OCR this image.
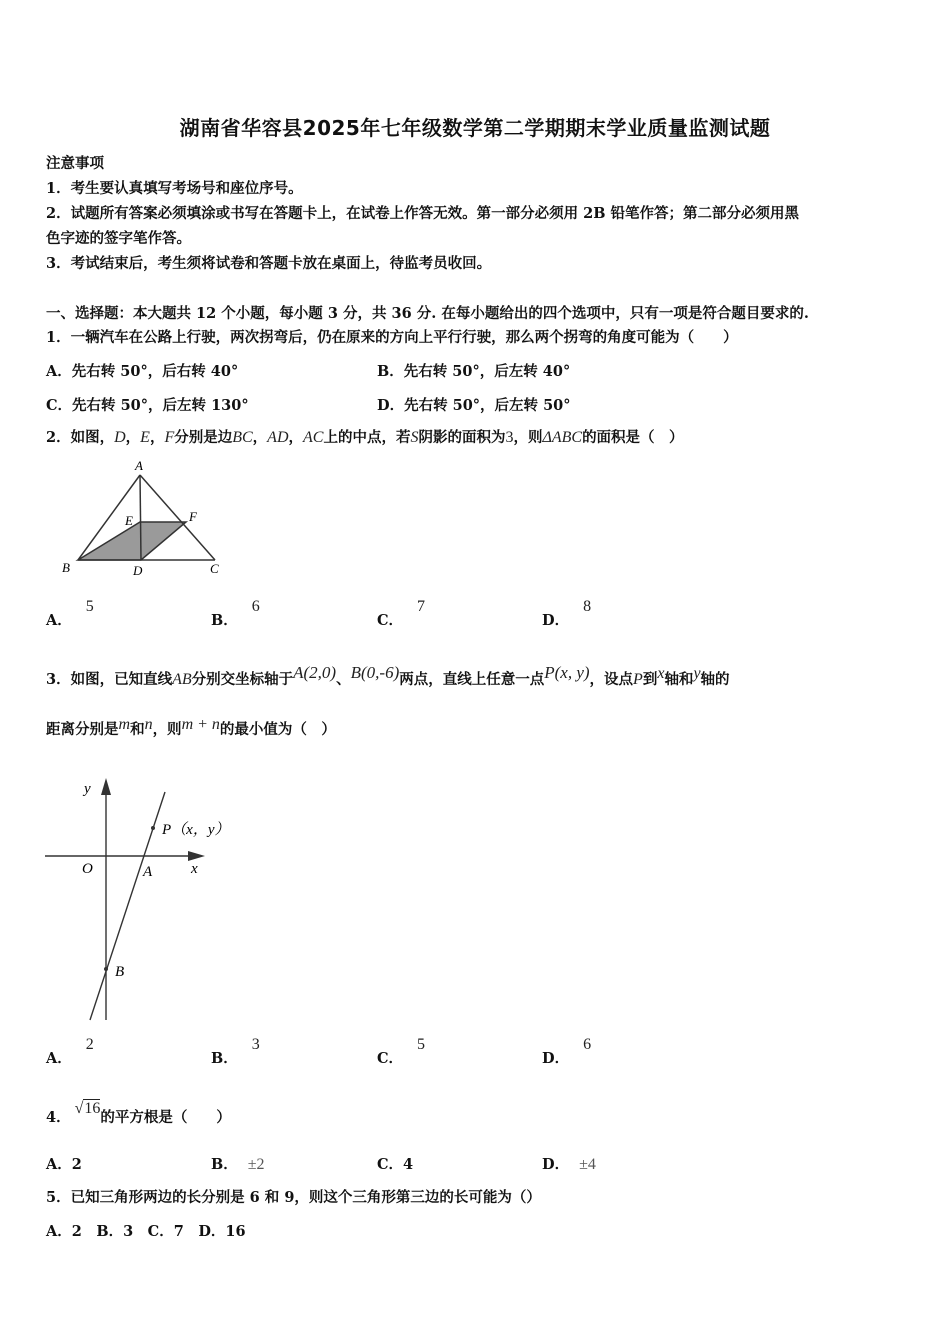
湖南省华容县2025年七年级数学第二学期期末学业质量监测试题
注意事项
1．考生要认真填写考场号和座位序号。
2．试题所有答案必须填涂或书写在答题卡上，在试卷上作答无效。第一部分必须用 2B 铅笔作答；第二部分必须用黑
色字迹的签字笔作答。
3．考试结束后，考生须将试卷和答题卡放在桌面上，待监考员收回。
一、选择题：本大题共 12 个小题，每小题 3 分，共 36 分. 在每小题给出的四个选项中，只有一项是符合题目要求的.
1．一辆汽车在公路上行驶，两次拐弯后，仍在原来的方向上平行行驶，那么两个拐弯的角度可能为（　　）
A．先右转 50°，后右转 40°	B．先右转 50°，后左转 40°
C．先右转 50°，后左转 130°	D．先右转 50°，后左转 50°
2．如图，D，E，F分别是边BC，AD，AC上的中点，若S阴影的面积为3，则ΔABC的面积是（　）
A
E	F
B	D	C
A．5
B．6
C．7
D．8
3．如图，已知直线AB分别交坐标轴于A(2,0)、B(0,-6)两点，直线上任意一点P(x, y)，设点P到x轴和y轴的
距离分别是m和n，则m + n的最小值为（　）
y
x
O	A
B
P（x，y）
A．2
B．3
C．5
D．6
4．√16的平方根是（　　）
A．2	B． ±2	C．4	D． ±4
5．已知三角形两边的长分别是 6 和 9，则这个三角形第三边的长可能为（）
A．2　B．3　C．7　D．16
